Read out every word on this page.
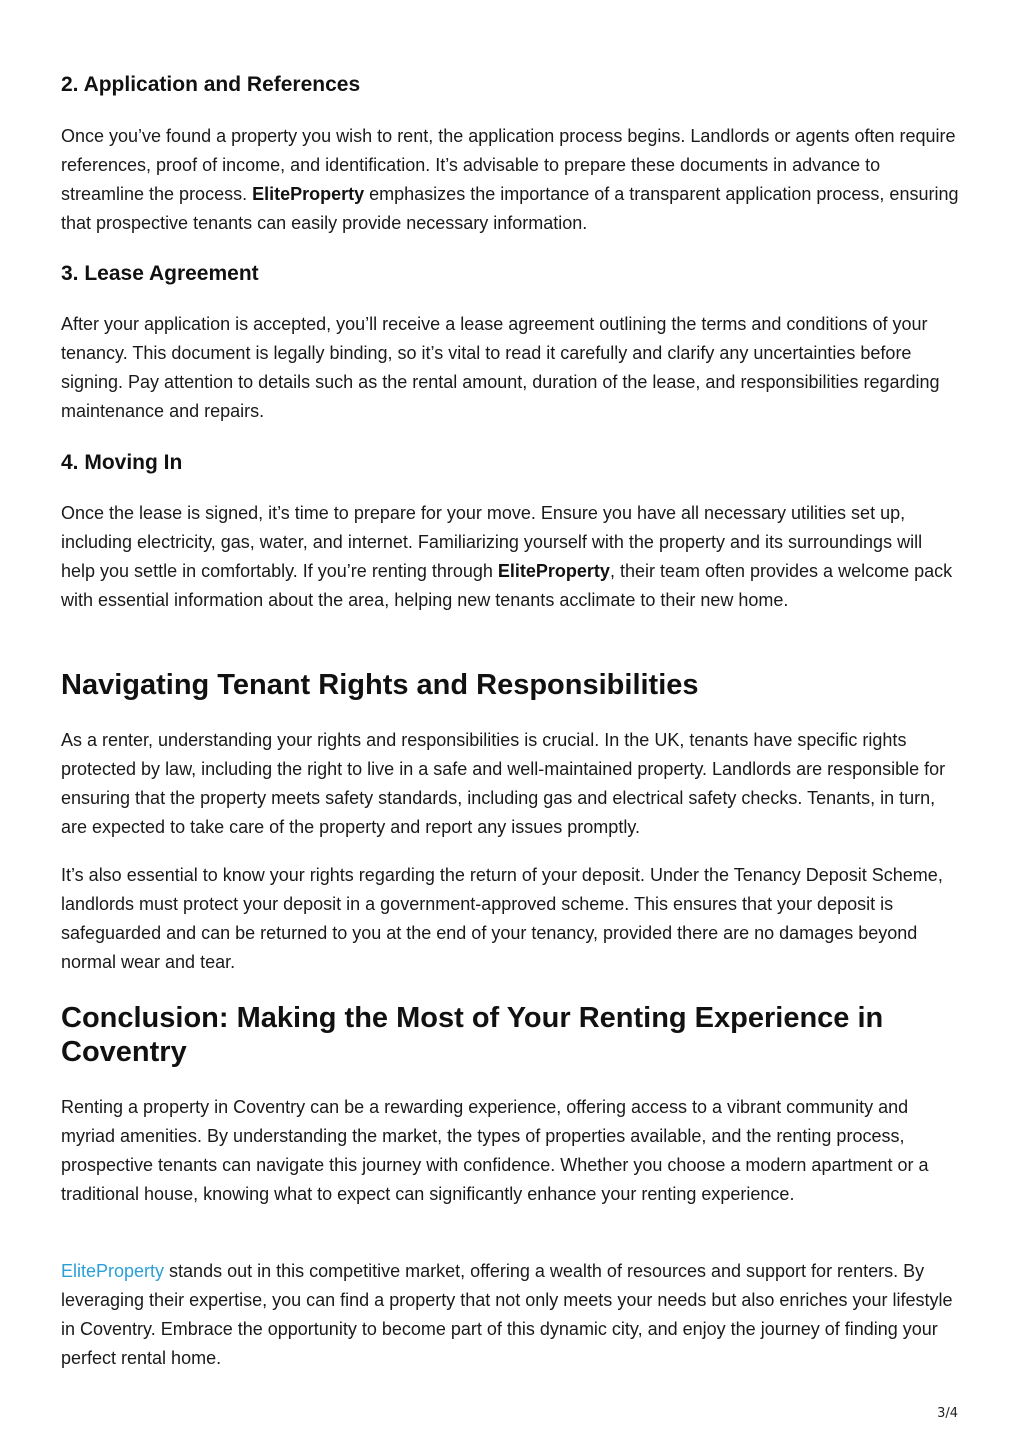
2. Application and References

Once you’ve found a property you wish to rent, the application process begins. Landlords or agents often require references, proof of income, and identification. It’s advisable to prepare these documents in advance to streamline the process. EliteProperty emphasizes the importance of a transparent application process, ensuring that prospective tenants can easily provide necessary information.

3. Lease Agreement

After your application is accepted, you’ll receive a lease agreement outlining the terms and conditions of your tenancy. This document is legally binding, so it’s vital to read it carefully and clarify any uncertainties before signing. Pay attention to details such as the rental amount, duration of the lease, and responsibilities regarding maintenance and repairs.

4. Moving In

Once the lease is signed, it’s time to prepare for your move. Ensure you have all necessary utilities set up, including electricity, gas, water, and internet. Familiarizing yourself with the property and its surroundings will help you settle in comfortably. If you’re renting through EliteProperty, their team often provides a welcome pack with essential information about the area, helping new tenants acclimate to their new home.

Navigating Tenant Rights and Responsibilities

As a renter, understanding your rights and responsibilities is crucial. In the UK, tenants have specific rights protected by law, including the right to live in a safe and well-maintained property. Landlords are responsible for ensuring that the property meets safety standards, including gas and electrical safety checks. Tenants, in turn, are expected to take care of the property and report any issues promptly.

It’s also essential to know your rights regarding the return of your deposit. Under the Tenancy Deposit Scheme, landlords must protect your deposit in a government-approved scheme. This ensures that your deposit is safeguarded and can be returned to you at the end of your tenancy, provided there are no damages beyond normal wear and tear.

Conclusion: Making the Most of Your Renting Experience in Coventry

Renting a property in Coventry can be a rewarding experience, offering access to a vibrant community and myriad amenities. By understanding the market, the types of properties available, and the renting process, prospective tenants can navigate this journey with confidence. Whether you choose a modern apartment or a traditional house, knowing what to expect can significantly enhance your renting experience.

EliteProperty stands out in this competitive market, offering a wealth of resources and support for renters. By leveraging their expertise, you can find a property that not only meets your needs but also enriches your lifestyle in Coventry. Embrace the opportunity to become part of this dynamic city, and enjoy the journey of finding your perfect rental home.

3/4
